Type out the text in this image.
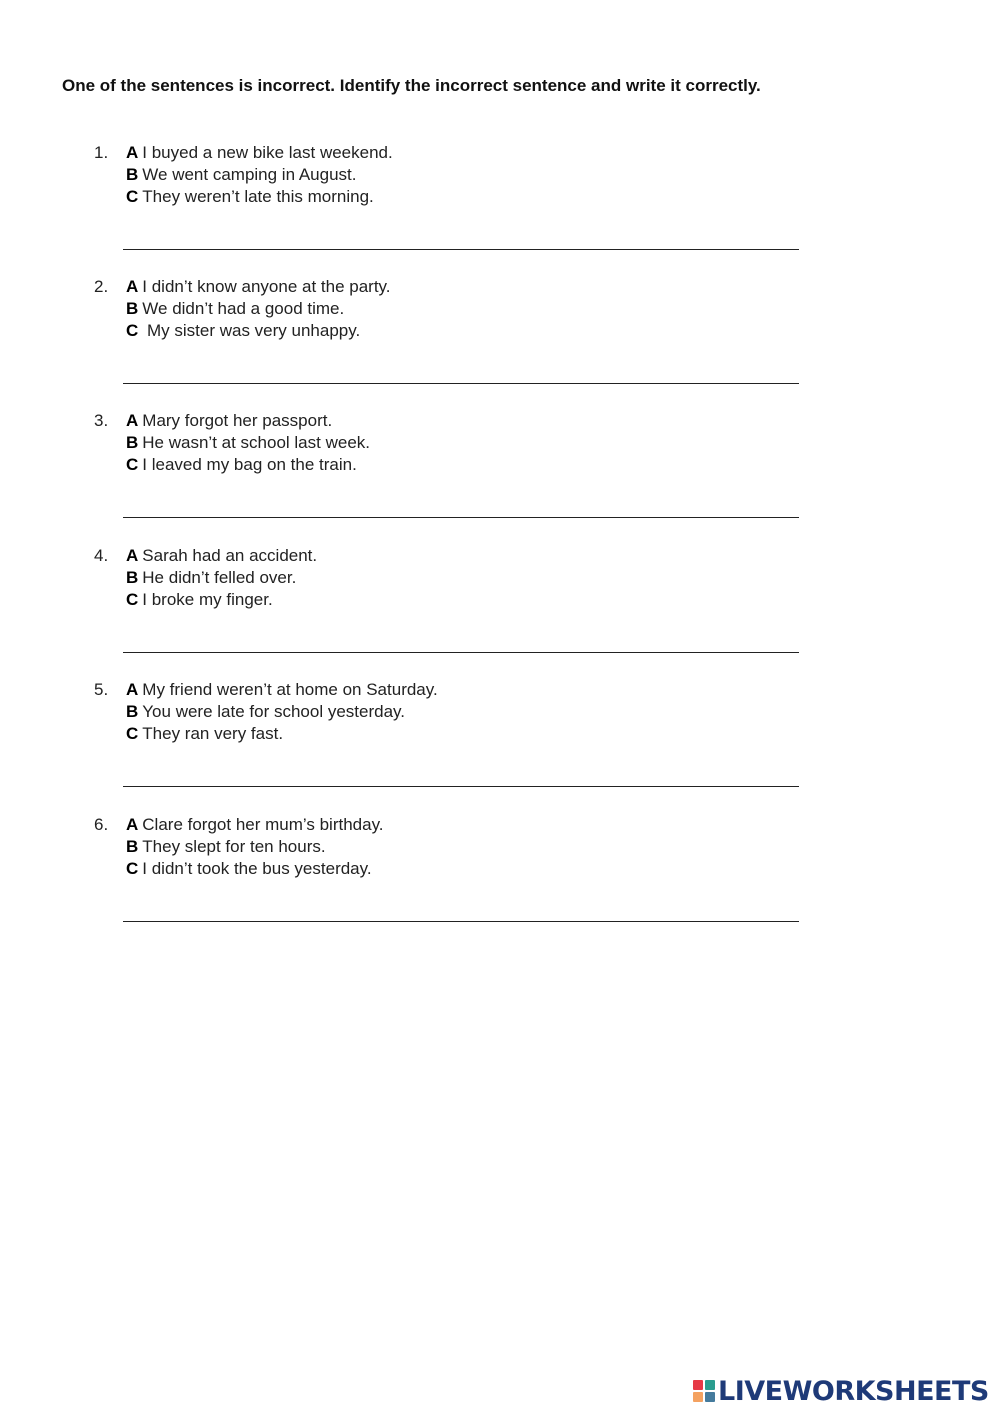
One of the sentences is incorrect. Identify the incorrect sentence and write it correctly.
1. A I buyed a new bike last weekend.
B We went camping in August.
C They weren’t late this morning.
2. A I didn’t know anyone at the party.
B We didn’t had a good time.
C My sister was very unhappy.
3. A Mary forgot her passport.
B He wasn’t at school last week.
C I leaved my bag on the train.
4. A Sarah had an accident.
B He didn’t felled over.
C I broke my finger.
5. A My friend weren’t at home on Saturday.
B You were late for school yesterday.
C They ran very fast.
6. A Clare forgot her mum’s birthday.
B They slept for ten hours.
C I didn’t took the bus yesterday.
LIVEWORKSHEETS
